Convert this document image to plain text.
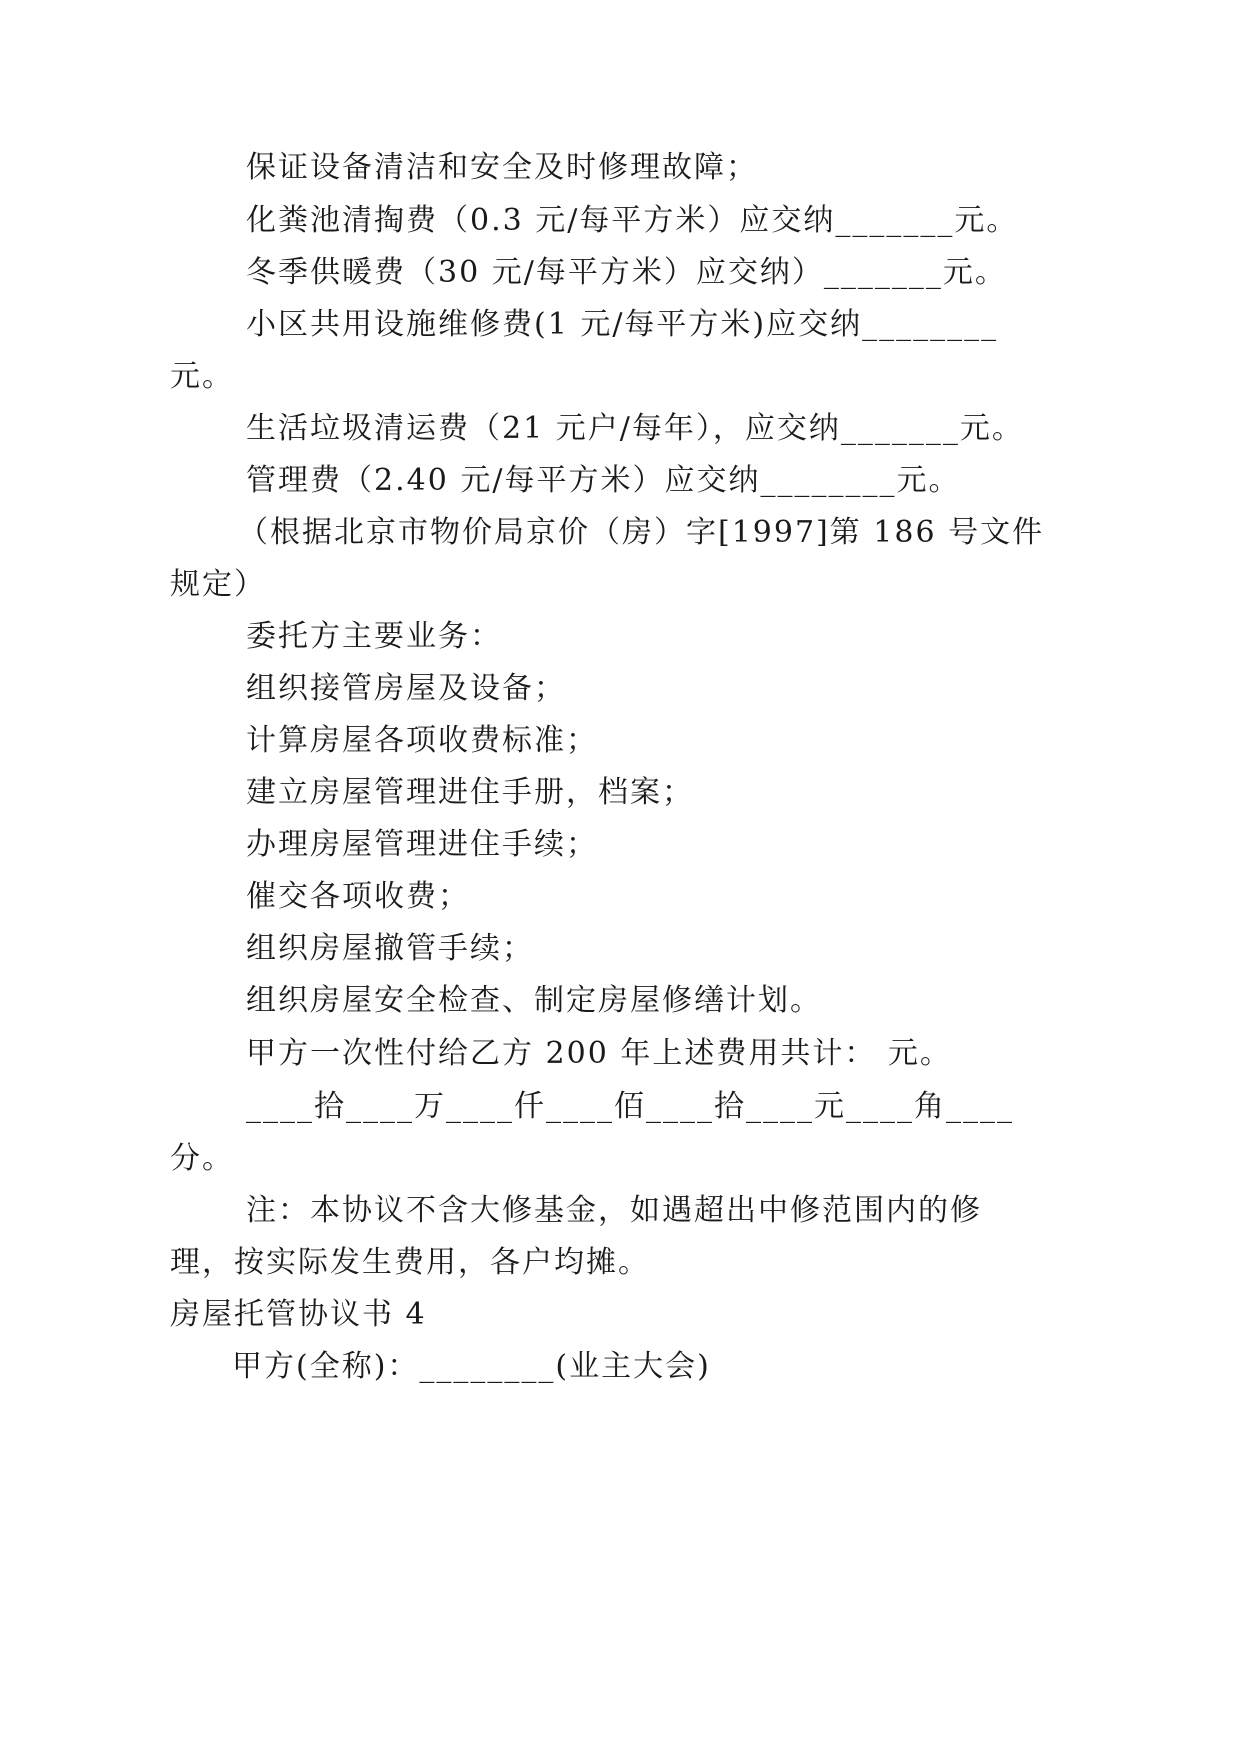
保证设备清洁和安全及时修理故障；
化粪池清掏费（0.3 元/每平方米）应交纳_______元。
冬季供暖费（30 元/每平方米）应交纳）_______元。
小区共用设施维修费(1 元/每平方米)应交纳________
元。
生活垃圾清运费（21 元户/每年），应交纳_______元。
管理费（2.40 元/每平方米）应交纳________元。
（根据北京市物价局京价（房）字[1997]第 186 号文件
规定）
委托方主要业务：
组织接管房屋及设备；
计算房屋各项收费标准；
建立房屋管理进住手册，档案；
办理房屋管理进住手续；
催交各项收费；
组织房屋撤管手续；
组织房屋安全检查、制定房屋修缮计划。
甲方一次性付给乙方 200 年上述费用共计： 元。
____拾____万____仟____佰____拾____元____角____
分。
注：本协议不含大修基金，如遇超出中修范围内的修
理，按实际发生费用，各户均摊。
房屋托管协议书 4
甲方(全称)：________(业主大会)
